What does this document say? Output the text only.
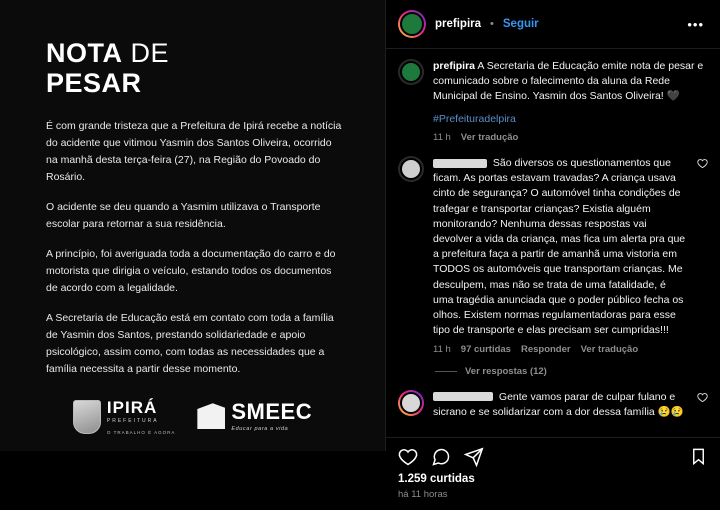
NOTA DE
PESAR

É com grande tristeza que a Prefeitura de Ipirá recebe a notícia do acidente que vitimou Yasmin dos Santos Oliveira, ocorrido na manhã desta terça-feira (27), na Região do Povoado do Rosário.

O acidente se deu quando a Yasmim utilizava o Transporte escolar para retornar a sua residência.

A princípio, foi averiguada toda a documentação do carro e do motorista que dirigia o veículo, estando todos os documentos de acordo com a legalidade.

A Secretaria de Educação está em contato com toda a família de Yasmin dos Santos, prestando solidariedade e apoio psicológico, assim como, com todas as necessidades que a família necessita a partir desse momento.

IPIRÁ
PREFEITURA
O TRABALHO É AGORA
SMEEC
Educar para a vida
prefipira • Seguir	•••
prefipira A Secretaria de Educação emite nota de pesar e comunicado sobre o falecimento da aluna da Rede Municipal de Ensino. Yasmin dos Santos Oliveira! 🖤
#Prefeituradelpira
11 h Ver tradução
São diversos os questionamentos que ficam. As portas estavam travadas? A criança usava cinto de segurança? O automóvel tinha condições de trafegar e transportar crianças? Existia alguém monitorando? Nenhuma dessas respostas vai devolver a vida da criança, mas fica um alerta pra que a prefeitura faça a partir de amanhã uma vistoria em TODOS os automóveis que transportam crianças. Me desculpem, mas não se trata de uma fatalidade, é uma tragédia anunciada que o poder público fecha os olhos. Existem normas regulamentadoras para esse tipo de transporte e elas precisam ser cumpridas!!!
11 h 97 curtidas Responder Ver tradução
Ver respostas (12)
Gente vamos parar de culpar fulano e sicrano e se solidarizar com a dor dessa família 😢😢
1.259 curtidas
há 11 horas
